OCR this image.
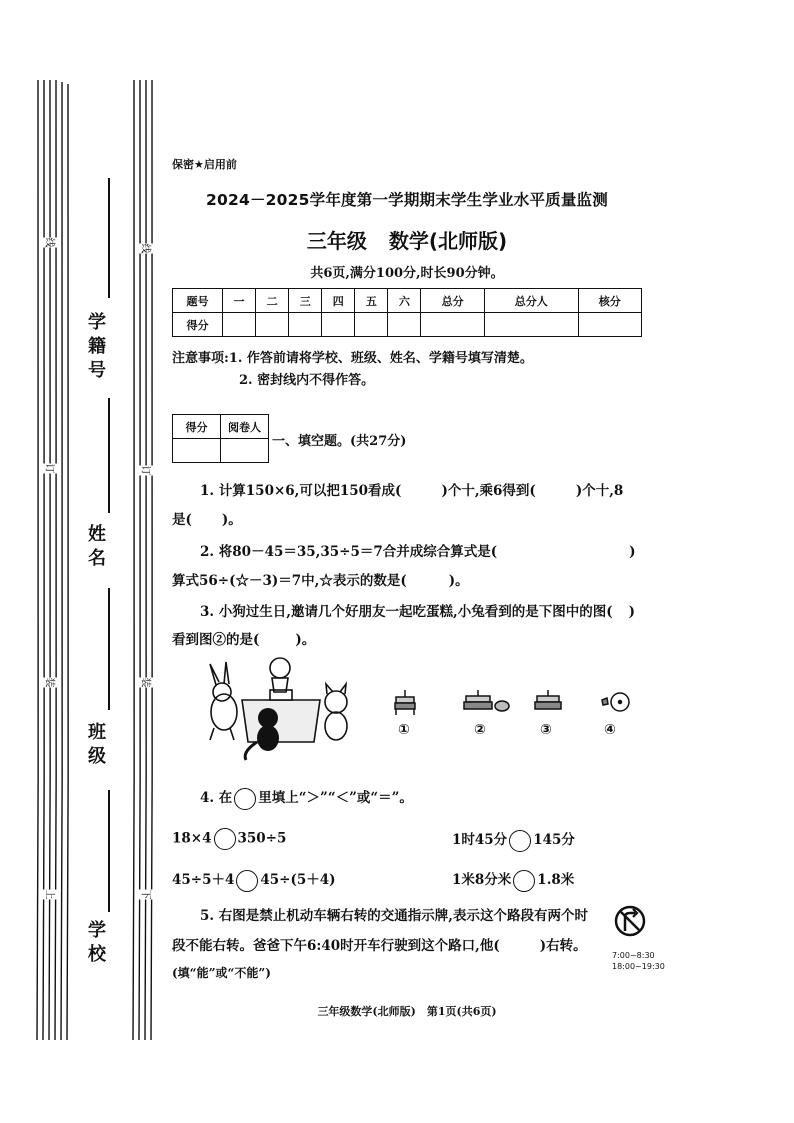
学籍号
姓名
班级
学校
线
订
装
上
线
订
装
下
保密★启用前
2024－2025学年度第一学期期末学生学业水平质量监测
三年级 数学(北师版)
共6页,满分100分,时长90分钟。
题号	一	二	三	四	五	六	总分	总分人	核分
得分									
注意事项:1. 作答前请将学校、班级、姓名、学籍号填写清楚。
2. 密封线内不得作答。
得分	阅卷人

一、填空题。(共27分)
1. 计算150×6,可以把150看成(	)个十,乘6得到(	)个十,8
是( )。
2. 将80－45＝35,35÷5＝7合并成综合算式是(	)
算式56÷(☆－3)＝7中,☆表示的数是(	)。
3. 小狗过生日,邀请几个好朋友一起吃蛋糕,小兔看到的是下图中的图( )
看到图②的是(	)。
①	②	③	④
4. 在 里填上“＞”“＜”或“＝”。
18×4 350÷5	1时45分 145分
45÷5＋4 45÷(5＋4)	1米8分米 1.8米
5. 右图是禁止机动车辆右转的交通指示牌,表示这个路段有两个时
段不能右转。爸爸下午6:40时开车行驶到这个路口,他(	)右转。
(填“能”或“不能”)
7:00~8:30
18:00~19:30
三年级数学(北师版)　第1页(共6页)
